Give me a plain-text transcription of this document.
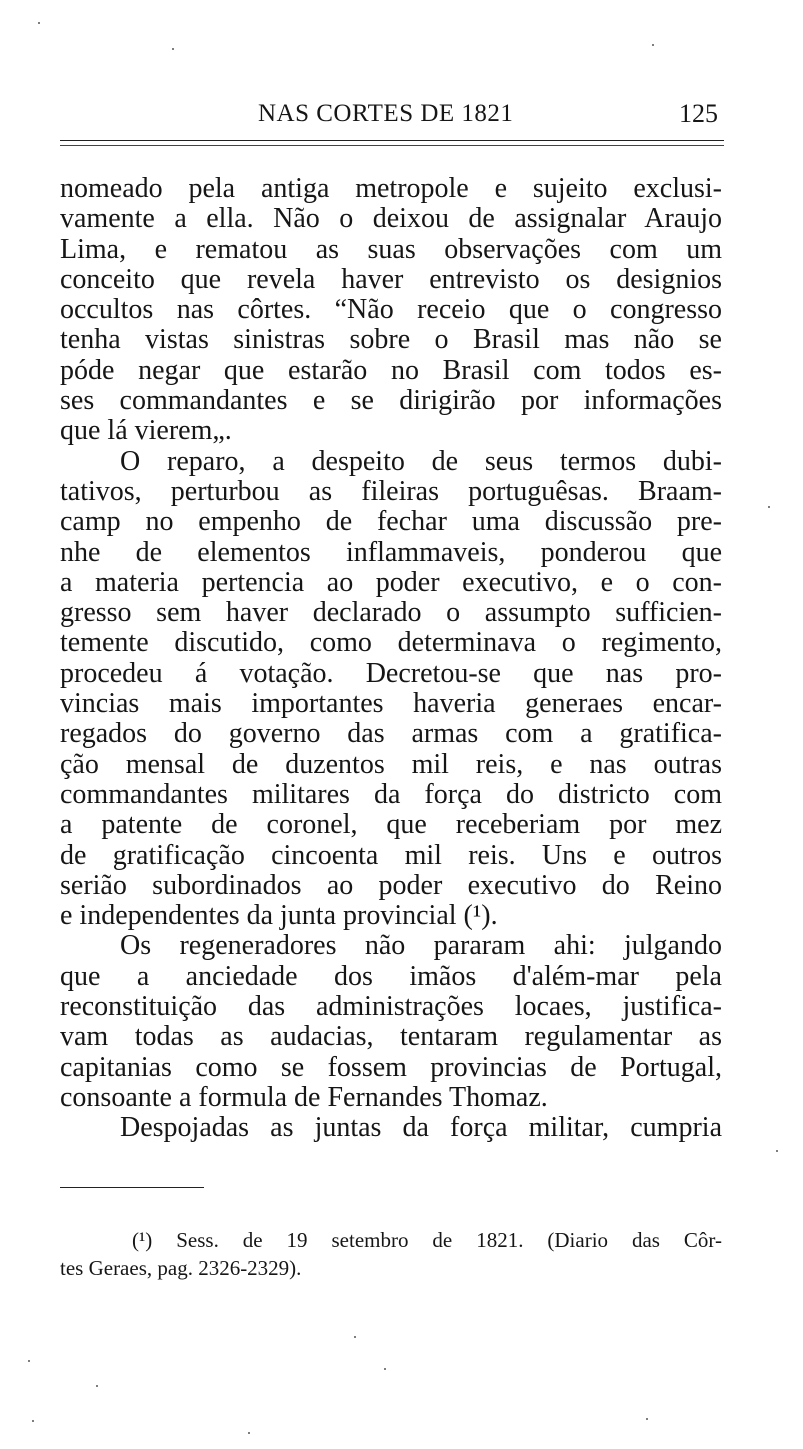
NAS CORTES DE 1821	125
nomeado pela antiga metropole e sujeito exclusi-
vamente a ella. Não o deixou de assignalar Araujo
Lima, e rematou as suas observações com um
conceito que revela haver entrevisto os designios
occultos nas côrtes. “Não receio que o congresso
tenha vistas sinistras sobre o Brasil mas não se
póde negar que estarão no Brasil com todos es-
ses commandantes e se dirigirão por informações
que lá vierem„.
O reparo, a despeito de seus termos dubi-
tativos, perturbou as fileiras portuguêsas. Braam-
camp no empenho de fechar uma discussão pre-
nhe de elementos inflammaveis, ponderou que
a materia pertencia ao poder executivo, e o con-
gresso sem haver declarado o assumpto sufficien-
temente discutido, como determinava o regimento,
procedeu á votação. Decretou-se que nas pro-
vincias mais importantes haveria generaes encar-
regados do governo das armas com a gratifica-
ção mensal de duzentos mil reis, e nas outras
commandantes militares da força do districto com
a patente de coronel, que receberiam por mez
de gratificação cincoenta mil reis. Uns e outros
serião subordinados ao poder executivo do Reino
e independentes da junta provincial (¹).
Os regeneradores não pararam ahi: julgando
que a anciedade dos imãos d'além-mar pela
reconstituição das administrações locaes, justifica-
vam todas as audacias, tentaram regulamentar as
capitanias como se fossem provincias de Portugal,
consoante a formula de Fernandes Thomaz.
Despojadas as juntas da força militar, cumpria
(¹) Sess. de 19 setembro de 1821. (Diario das Côr-
tes Geraes, pag. 2326-2329).
